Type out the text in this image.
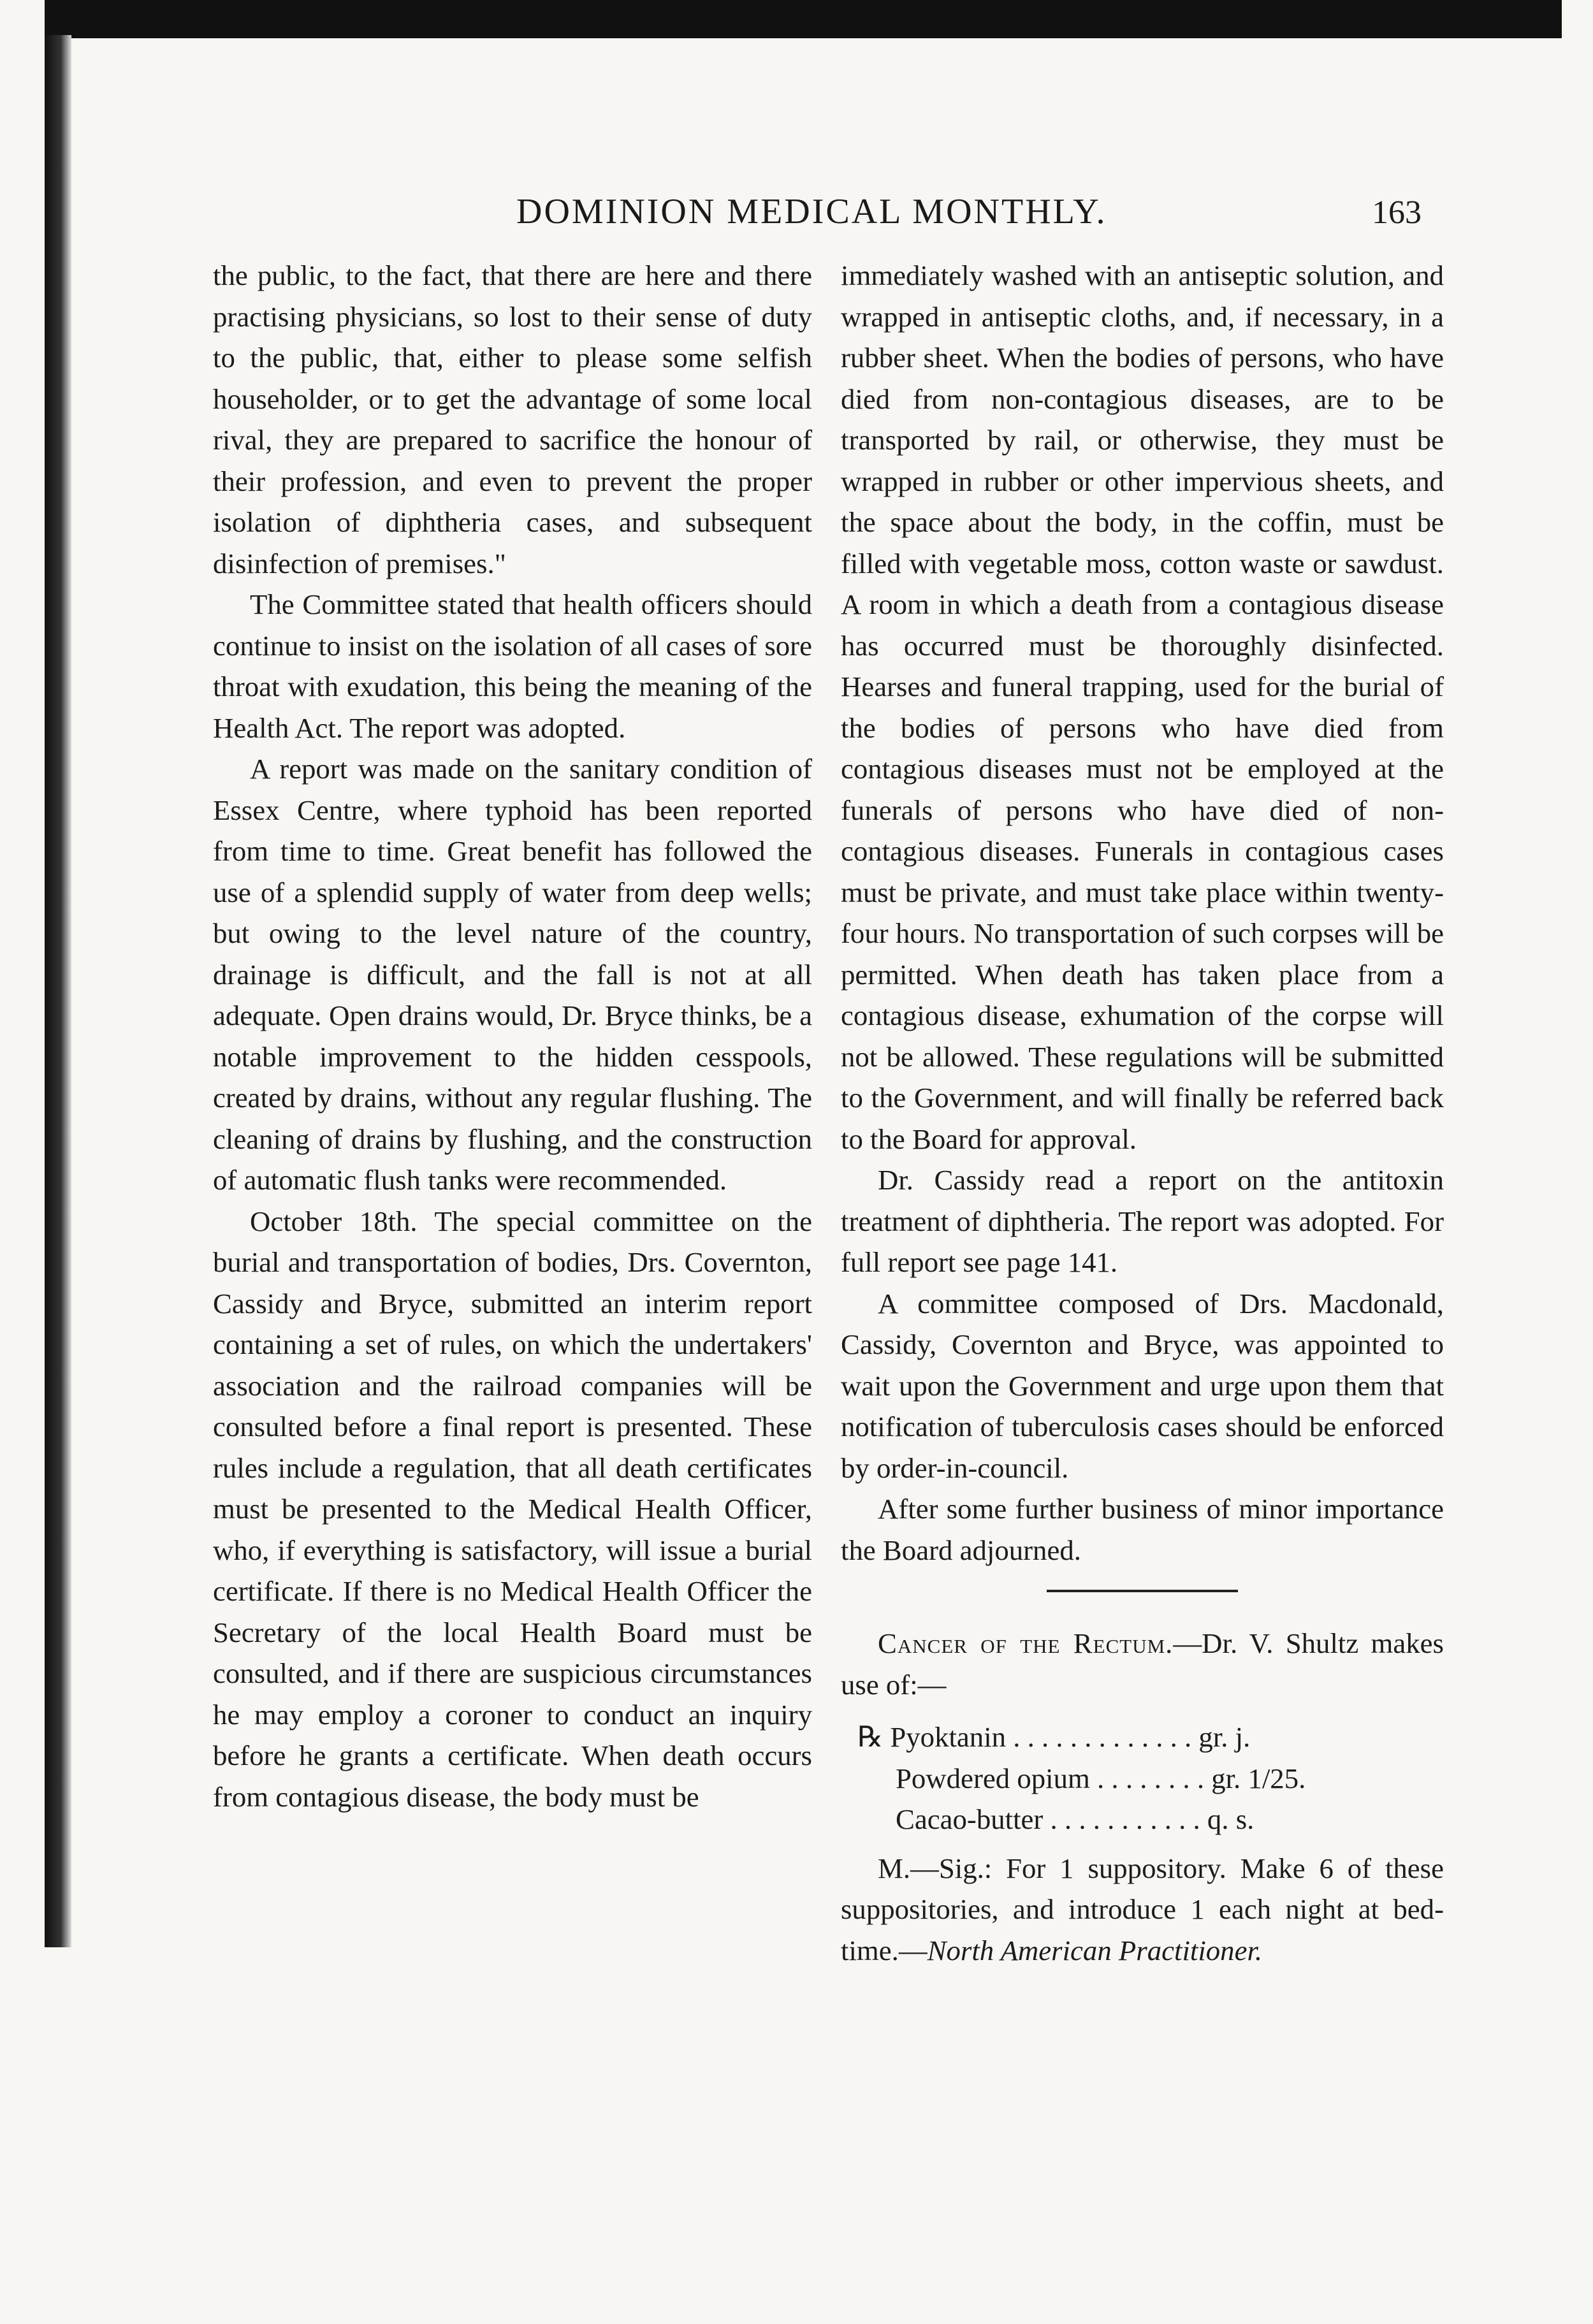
DOMINION MEDICAL MONTHLY.	163

the public, to the fact, that there are here and there practising physicians, so lost to their sense of duty to the public, that, either to please some selfish householder, or to get the advantage of some local rival, they are prepared to sacrifice the honour of their profession, and even to prevent the proper isolation of diphtheria cases, and subsequent disinfection of premises."

The Committee stated that health officers should continue to insist on the isolation of all cases of sore throat with exudation, this being the meaning of the Health Act. The report was adopted.

A report was made on the sanitary condition of Essex Centre, where typhoid has been reported from time to time. Great benefit has followed the use of a splendid supply of water from deep wells; but owing to the level nature of the country, drainage is difficult, and the fall is not at all adequate. Open drains would, Dr. Bryce thinks, be a notable improvement to the hidden cesspools, created by drains, without any regular flushing. The cleaning of drains by flushing, and the construction of automatic flush tanks were recommended.

October 18th. The special committee on the burial and transportation of bodies, Drs. Covernton, Cassidy and Bryce, submitted an interim report containing a set of rules, on which the undertakers' association and the railroad companies will be consulted before a final report is presented. These rules include a regulation, that all death certificates must be presented to the Medical Health Officer, who, if everything is satisfactory, will issue a burial certificate. If there is no Medical Health Officer the Secretary of the local Health Board must be consulted, and if there are suspicious circumstances he may employ a coroner to conduct an inquiry before he grants a certificate. When death occurs from contagious disease, the body must be

immediately washed with an antiseptic solution, and wrapped in antiseptic cloths, and, if necessary, in a rubber sheet. When the bodies of persons, who have died from non-contagious diseases, are to be transported by rail, or otherwise, they must be wrapped in rubber or other impervious sheets, and the space about the body, in the coffin, must be filled with vegetable moss, cotton waste or sawdust. A room in which a death from a contagious disease has occurred must be thoroughly disinfected. Hearses and funeral trapping, used for the burial of the bodies of persons who have died from contagious diseases must not be employed at the funerals of persons who have died of non-contagious diseases. Funerals in contagious cases must be private, and must take place within twenty-four hours. No transportation of such corpses will be permitted. When death has taken place from a contagious disease, exhumation of the corpse will not be allowed. These regulations will be submitted to the Government, and will finally be referred back to the Board for approval.

Dr. Cassidy read a report on the antitoxin treatment of diphtheria. The report was adopted. For full report see page 141.

A committee composed of Drs. Macdonald, Cassidy, Covernton and Bryce, was appointed to wait upon the Government and urge upon them that notification of tuberculosis cases should be enforced by order-in-council.

After some further business of minor importance the Board adjourned.

Cancer of the Rectum.—Dr. V. Shultz makes use of:—

℞ Pyoktanin . . . . . . . . . . . . . gr. j.
Powdered opium . . . . . . . . gr. 1/25.
Cacao-butter . . . . . . . . . . . q. s.

M.—Sig.: For 1 suppository. Make 6 of these suppositories, and introduce 1 each night at bed-time.—North American Practitioner.
